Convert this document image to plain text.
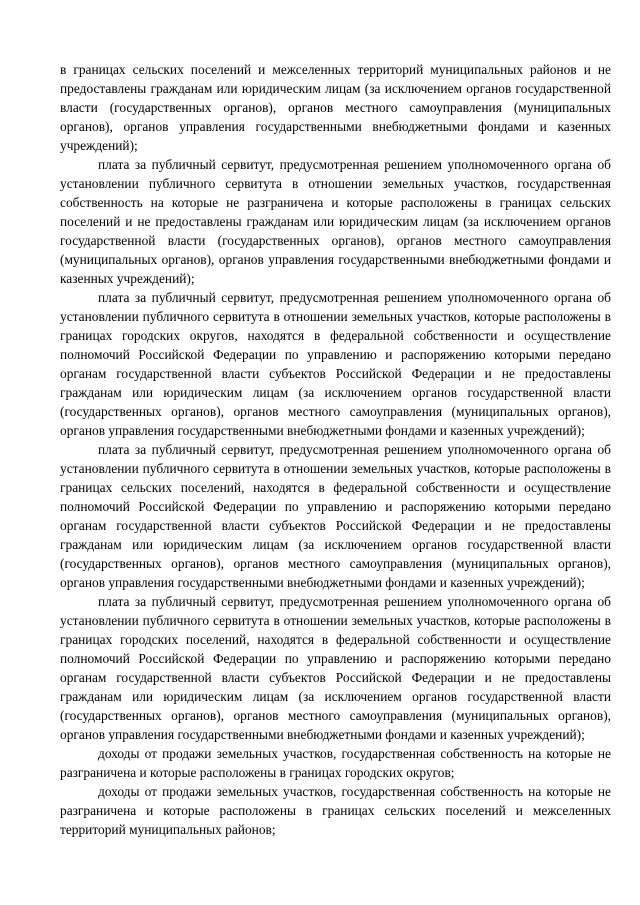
в границах сельских поселений и межселенных территорий муниципальных районов и не предоставлены гражданам или юридическим лицам (за исключением органов государственной власти (государственных органов), органов местного самоуправления (муниципальных органов), органов управления государственными внебюджетными фондами и казенных учреждений);

плата за публичный сервитут, предусмотренная решением уполномоченного органа об установлении публичного сервитута в отношении земельных участков, государственная собственность на которые не разграничена и которые расположены в границах сельских поселений и не предоставлены гражданам или юридическим лицам (за исключением органов государственной власти (государственных органов), органов местного самоуправления (муниципальных органов), органов управления государственными внебюджетными фондами и казенных учреждений);

плата за публичный сервитут, предусмотренная решением уполномоченного органа об установлении публичного сервитута в отношении земельных участков, которые расположены в границах городских округов, находятся в федеральной собственности и осуществление полномочий Российской Федерации по управлению и распоряжению которыми передано органам государственной власти субъектов Российской Федерации и не предоставлены гражданам или юридическим лицам (за исключением органов государственной власти (государственных органов), органов местного самоуправления (муниципальных органов), органов управления государственными внебюджетными фондами и казенных учреждений);

плата за публичный сервитут, предусмотренная решением уполномоченного органа об установлении публичного сервитута в отношении земельных участков, которые расположены в границах сельских поселений, находятся в федеральной собственности и осуществление полномочий Российской Федерации по управлению и распоряжению которыми передано органам государственной власти субъектов Российской Федерации и не предоставлены гражданам или юридическим лицам (за исключением органов государственной власти (государственных органов), органов местного самоуправления (муниципальных органов), органов управления государственными внебюджетными фондами и казенных учреждений);

плата за публичный сервитут, предусмотренная решением уполномоченного органа об установлении публичного сервитута в отношении земельных участков, которые расположены в границах городских поселений, находятся в федеральной собственности и осуществление полномочий Российской Федерации по управлению и распоряжению которыми передано органам государственной власти субъектов Российской Федерации и не предоставлены гражданам или юридическим лицам (за исключением органов государственной власти (государственных органов), органов местного самоуправления (муниципальных органов), органов управления государственными внебюджетными фондами и казенных учреждений);

доходы от продажи земельных участков, государственная собственность на которые не разграничена и которые расположены в границах городских округов;

доходы от продажи земельных участков, государственная собственность на которые не разграничена и которые расположены в границах сельских поселений и межселенных территорий муниципальных районов;
